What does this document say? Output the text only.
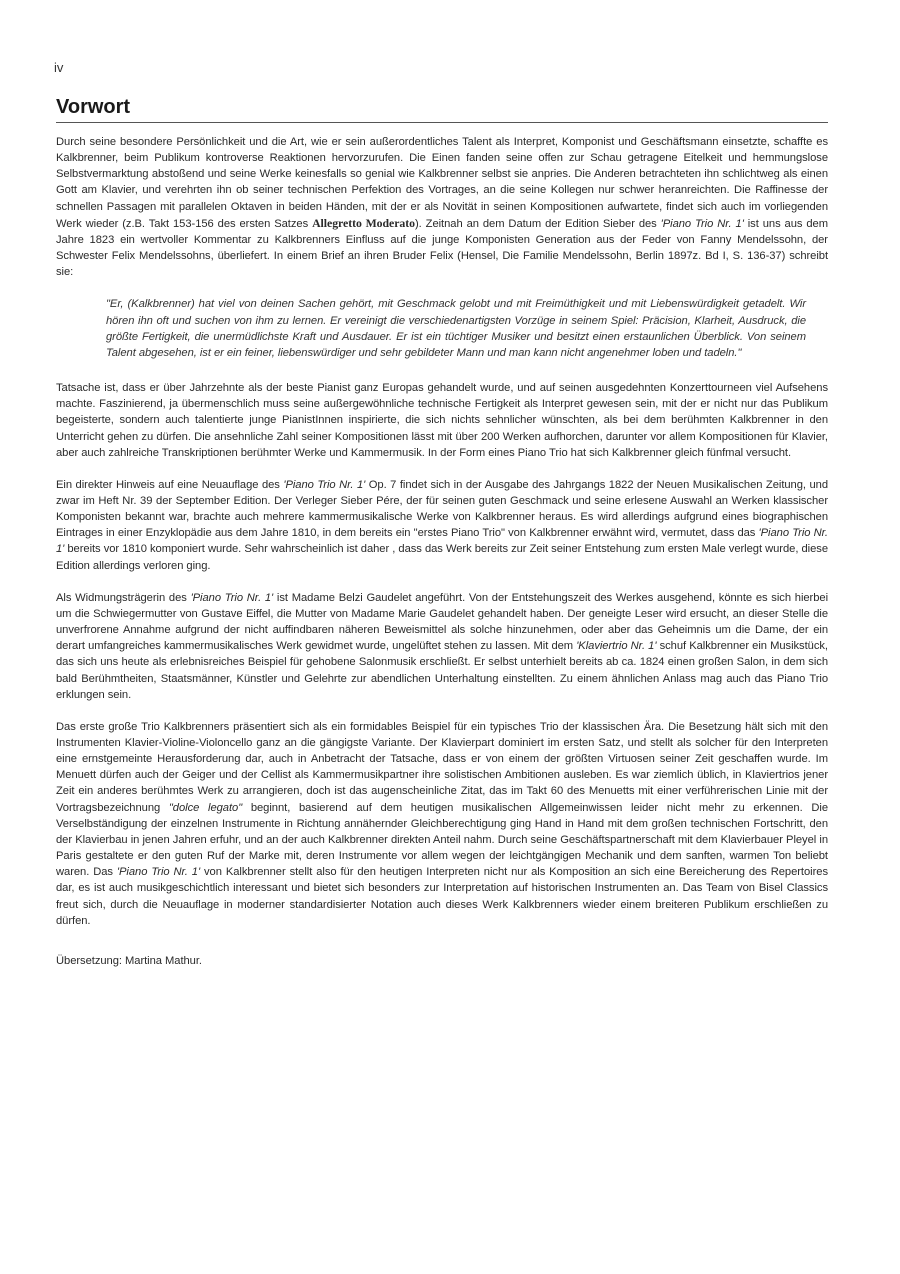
iv
Vorwort

Durch seine besondere Persönlichkeit und die Art, wie er sein außerordentliches Talent als Interpret, Komponist und Geschäftsmann einsetzte, schaffte es Kalkbrenner, beim Publikum kontroverse Reaktionen hervorzurufen. Die Einen fanden seine offen zur Schau getragene Eitelkeit und hemmungslose Selbstvermarktung abstoßend und seine Werke keinesfalls so genial wie Kalkbrenner selbst sie anpries. Die Anderen betrachteten ihn schlichtweg als einen Gott am Klavier, und verehrten ihn ob seiner technischen Perfektion des Vortrages, an die seine Kollegen nur schwer heranreichten. Die Raffinesse der schnellen Passagen mit parallelen Oktaven in beiden Händen, mit der er als Novität in seinen Kompositionen aufwartete, findet sich auch im vorliegenden Werk wieder (z.B. Takt 153-156 des ersten Satzes Allegretto Moderato). Zeitnah an dem Datum der Edition Sieber des 'Piano Trio Nr. 1' ist uns aus dem Jahre 1823 ein wertvoller Kommentar zu Kalkbrenners Einfluss auf die junge Komponisten Generation aus der Feder von Fanny Mendelssohn, der Schwester Felix Mendelssohns, überliefert. In einem Brief an ihren Bruder Felix (Hensel, Die Familie Mendelssohn, Berlin 1897z. Bd I, S. 136-37) schreibt sie:

"Er, (Kalkbrenner) hat viel von deinen Sachen gehört, mit Geschmack gelobt und mit Freimüthigkeit und mit Liebenswürdigkeit getadelt. Wir hören ihn oft und suchen von ihm zu lernen. Er vereinigt die verschiedenartigsten Vorzüge in seinem Spiel: Präcision, Klarheit, Ausdruck, die größte Fertigkeit, die unermüdlichste Kraft und Ausdauer. Er ist ein tüchtiger Musiker und besitzt einen erstaunlichen Überblick. Von seinem Talent abgesehen, ist er ein feiner, liebenswürdiger und sehr gebildeter Mann und man kann nicht angenehmer loben und tadeln."

Tatsache ist, dass er über Jahrzehnte als der beste Pianist ganz Europas gehandelt wurde, und auf seinen ausgedehnten Konzerttourneen viel Aufsehens machte. Faszinierend, ja übermenschlich muss seine außergewöhnliche technische Fertigkeit als Interpret gewesen sein, mit der er nicht nur das Publikum begeisterte, sondern auch talentierte junge PianistInnen inspirierte, die sich nichts sehnlicher wünschten, als bei dem berühmten Kalkbrenner in den Unterricht gehen zu dürfen. Die ansehnliche Zahl seiner Kompositionen lässt mit über 200 Werken aufhorchen, darunter vor allem Kompositionen für Klavier, aber auch zahlreiche Transkriptionen berühmter Werke und Kammermusik. In der Form eines Piano Trio hat sich Kalkbrenner gleich fünfmal versucht.

Ein direkter Hinweis auf eine Neuauflage des 'Piano Trio Nr. 1' Op. 7 findet sich in der Ausgabe des Jahrgangs 1822 der Neuen Musikalischen Zeitung, und zwar im Heft Nr. 39 der September Edition. Der Verleger Sieber Pére, der für seinen guten Geschmack und seine erlesene Auswahl an Werken klassischer Komponisten bekannt war, brachte auch mehrere kammermusikalische Werke von Kalkbrenner heraus. Es wird allerdings aufgrund eines biographischen Eintrages in einer Enzyklopädie aus dem Jahre 1810, in dem bereits ein "erstes Piano Trio" von Kalkbrenner erwähnt wird, vermutet, dass das 'Piano Trio Nr. 1' bereits vor 1810 komponiert wurde. Sehr wahrscheinlich ist daher , dass das Werk bereits zur Zeit seiner Entstehung zum ersten Male verlegt wurde, diese Edition allerdings verloren ging.

Als Widmungsträgerin des 'Piano Trio Nr. 1' ist Madame Belzi Gaudelet angeführt. Von der Entstehungszeit des Werkes ausgehend, könnte es sich hierbei um die Schwiegermutter von Gustave Eiffel, die Mutter von Madame Marie Gaudelet gehandelt haben. Der geneigte Leser wird ersucht, an dieser Stelle die unverfrorene Annahme aufgrund der nicht auffindbaren näheren Beweismittel als solche hinzunehmen, oder aber das Geheimnis um die Dame, der ein derart umfangreiches kammermusikalisches Werk gewidmet wurde, ungelüftet stehen zu lassen. Mit dem 'Klaviertrio Nr. 1' schuf Kalkbrenner ein Musikstück, das sich uns heute als erlebnisreiches Beispiel für gehobene Salonmusik erschließt. Er selbst unterhielt bereits ab ca. 1824 einen großen Salon, in dem sich bald Berühmtheiten, Staatsmänner, Künstler und Gelehrte zur abendlichen Unterhaltung einstellten. Zu einem ähnlichen Anlass mag auch das Piano Trio erklungen sein.

Das erste große Trio Kalkbrenners präsentiert sich als ein formidables Beispiel für ein typisches Trio der klassischen Ära. Die Besetzung hält sich mit den Instrumenten Klavier-Violine-Violoncello ganz an die gängigste Variante. Der Klavierpart dominiert im ersten Satz, und stellt als solcher für den Interpreten eine ernstgemeinte Herausforderung dar, auch in Anbetracht der Tatsache, dass er von einem der größten Virtuosen seiner Zeit geschaffen wurde. Im Menuett dürfen auch der Geiger und der Cellist als Kammermusikpartner ihre solistischen Ambitionen ausleben. Es war ziemlich üblich, in Klaviertrios jener Zeit ein anderes berühmtes Werk zu arrangieren, doch ist das augenscheinliche Zitat, das im Takt 60 des Menuetts mit einer verführerischen Linie mit der Vortragsbezeichnung "dolce legato" beginnt, basierend auf dem heutigen musikalischen Allgemeinwissen leider nicht mehr zu erkennen. Die Verselbständigung der einzelnen Instrumente in Richtung annähernder Gleichberechtigung ging Hand in Hand mit dem großen technischen Fortschritt, den der Klavierbau in jenen Jahren erfuhr, und an der auch Kalkbrenner direkten Anteil nahm. Durch seine Geschäftspartnerschaft mit dem Klavierbauer Pleyel in Paris gestaltete er den guten Ruf der Marke mit, deren Instrumente vor allem wegen der leichtgängigen Mechanik und dem sanften, warmen Ton beliebt waren. Das 'Piano Trio Nr. 1' von Kalkbrenner stellt also für den heutigen Interpreten nicht nur als Komposition an sich eine Bereicherung des Repertoires dar, es ist auch musikgeschichtlich interessant und bietet sich besonders zur Interpretation auf historischen Instrumenten an. Das Team von Bisel Classics freut sich, durch die Neuauflage in moderner standardisierter Notation auch dieses Werk Kalkbrenners wieder einem breiteren Publikum erschließen zu dürfen.

Übersetzung: Martina Mathur.
